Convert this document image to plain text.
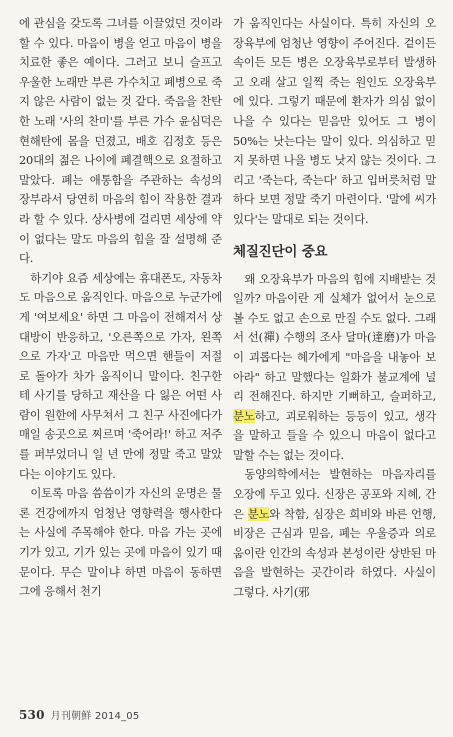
에 관심을 갖도록 그녀를 이끌었던 것이라 할 수 있다. 마음이 병을 얻고 마음이 병을 치료한 좋은 예이다. 그러고 보니 슬프고 우울한 노래만 부른 가수치고 폐병으로 죽지 않은 사람이 없는 것 같다. 죽음을 찬탄한 노래 '사의 찬미'를 부른 가수 윤심덕은 현해탄에 몸을 던졌고, 배호 김정호 등은 20대의 젊은 나이에 폐결핵으로 요절하고 말았다. 폐는 애통함을 주관하는 속성의 장부라서 당연히 마음의 힘이 작용한 결과라 할 수 있다. 상사병에 걸리면 세상에 약이 없다는 말도 마음의 힘을 잘 설명해 준다.

하기야 요즘 세상에는 휴대폰도, 자동차도 마음으로 움직인다. 마음으로 누군가에게 '여보세요' 하면 그 마음이 전해져서 상대방이 반응하고, '오른쪽으로 가자, 왼쪽으로 가자'고 마음만 먹으면 핸들이 저절로 돌아가 차가 움직이니 말이다. 친구한테 사기를 당하고 재산을 다 잃은 어떤 사람이 원한에 사무쳐서 그 친구 사진에다가 매일 송곳으로 찌르며 '죽어라!' 하고 저주를 퍼부었더니 일 년 만에 정말 죽고 말았다는 이야기도 있다.

이토록 마음 씀씀이가 자신의 운명은 물론 건강에까지 엄청난 영향력을 행사한다는 사실에 주목해야 한다. 마음 가는 곳에 기가 있고, 기가 있는 곳에 마음이 있기 때문이다. 무슨 말이냐 하면 마음이 동하면 그에 응해서 천기

가 움직인다는 사실이다. 특히 자신의 오장육부에 엄청난 영향이 주어진다. 겉이든 속이든 모든 병은 오장육부로부터 발생하고 오래 살고 일찍 죽는 원인도 오장육부에 있다. 그렇기 때문에 환자가 의심 없이 나을 수 있다는 믿음만 있어도 그 병이 50%는 낫는다는 말이 있다. 의심하고 믿지 못하면 나을 병도 낫지 않는 것이다. 그리고 '죽는다, 죽는다' 하고 입버릇처럼 말하다 보면 정말 죽기 마련이다. '말에 씨가 있다'는 말대로 되는 것이다.

체질진단이 중요

왜 오장육부가 마음의 힘에 지배받는 것일까? 마음이란 게 실체가 없어서 눈으로 볼 수도 없고 손으로 만질 수도 없다. 그래서 선(禪) 수행의 조사 달마(達磨)가 마음이 괴롭다는 혜가에게 "마음을 내놓아 보아라" 하고 말했다는 일화가 불교계에 널리 전해진다. 하지만 기뻐하고, 슬퍼하고, 분노하고, 괴로워하는 등등이 있고, 생각을 말하고 들을 수 있으니 마음이 없다고 말할 수는 없는 것이다.

동양의학에서는 발현하는 마음자리를 오장에 두고 있다. 신장은 공포와 지혜, 간은 분노와 착함, 심장은 희비와 바른 언행, 비장은 근심과 믿음, 폐는 우울증과 의로움이란 인간의 속성과 본성이란 상반된 마음을 발현하는 곳간이라 하였다. 사실이 그렇다. 사기(邪

530 月刊朝鮮 2014_05
